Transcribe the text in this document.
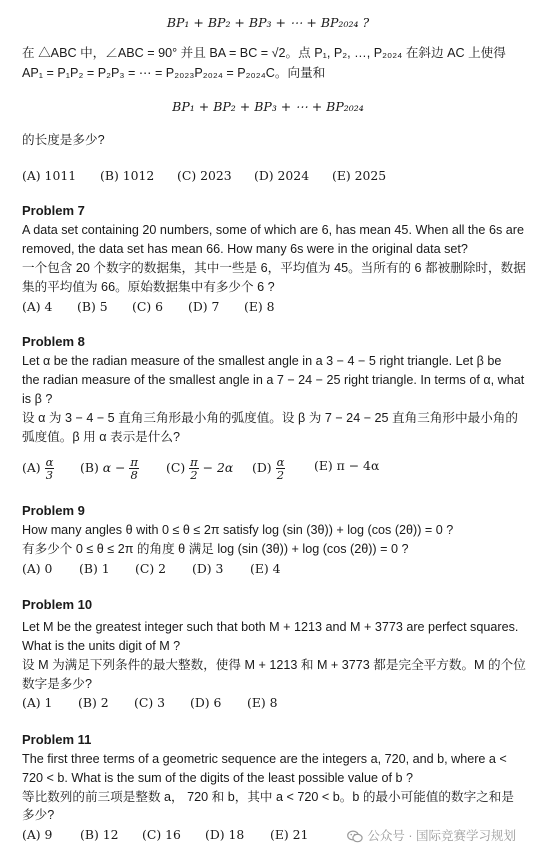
BP₁ + BP₂ + BP₃ + ⋯ + BP₂₀₂₄ ?
在 △ABC 中，∠ABC = 90° 并且 BA = BC = √2。点 P₁, P₂, …, P₂₀₂₄ 在斜边 AC 上使得
AP₁ = P₁P₂ = P₂P₃ = ⋯ = P₂₀₂₃P₂₀₂₄ = P₂₀₂₄C。向量和
BP₁ + BP₂ + BP₃ + ⋯ + BP₂₀₂₄
的长度是多少?
(A) 1011 (B) 1012 (C) 2023 (D) 2024 (E) 2025
Problem 7
A data set containing 20 numbers, some of which are 6, has mean 45. When all the 6s are
removed, the data set has mean 66. How many 6s were in the original data set?
一个包含 20 个数字的数据集，其中一些是 6，平均值为 45。当所有的 6 都被删除时，数据
集的平均值为 66。原始数据集中有多少个 6 ?
(A) 4 (B) 5 (C) 6 (D) 7 (E) 8
Problem 8
Let α be the radian measure of the smallest angle in a 3 − 4 − 5 right triangle. Let β be
the radian measure of the smallest angle in a 7 − 24 − 25 right triangle. In terms of α, what
is β ?
设 α 为 3 − 4 − 5 直角三角形最小角的弧度值。设 β 为 7 − 24 − 25 直角三角形中最小角的
弧度值。β 用 α 表示是什么?
$(A) \frac{\alpha}{3} (B) \alpha - \frac{\pi}{8} (C) \frac{\pi}{2} - 2\alpha$ $(D) \frac{\alpha}{2} (E) \pi - 4\alpha$
Problem 9
How many angles θ with 0 ≤ θ ≤ 2π satisfy log (sin (3θ)) + log (cos (2θ)) = 0 ?
有多少个 0 ≤ θ ≤ 2π 的角度 θ 满足 log (sin (3θ)) + log (cos (2θ)) = 0 ?
(A) 0 (B) 1 (C) 2 (D) 3 (E) 4
Problem 10
Let M be the greatest integer such that both M + 1213 and M + 3773 are perfect squares.
What is the units digit of M ?
设 M 为满足下列条件的最大整数，使得 M + 1213 和 M + 3773 都是完全平方数。M 的个位
数字是多少?
(A) 1 (B) 2 (C) 3 (D) 6 (E) 8
Problem 11
The first three terms of a geometric sequence are the integers a, 720, and b, where a <
720 < b. What is the sum of the digits of the least possible value of b ?
等比数列的前三项是整数 a， 720 和 b，其中 a < 720 < b。b 的最小可能值的数字之和是
多少?
(A) 9 (B) 12 (C) 16 (D) 18 (E) 21	公众号 · 国际竞赛学习规划
